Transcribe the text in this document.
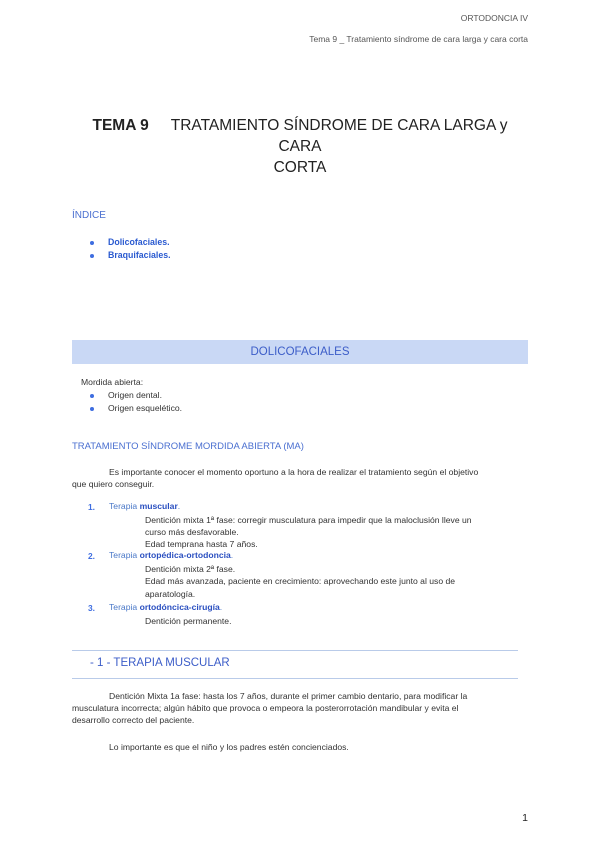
ORTODONCIA IV
Tema 9 _ Tratamiento síndrome de cara larga y cara corta
TEMA 9 TRATAMIENTO SÍNDROME DE CARA LARGA y CARA
CORTA
ÍNDICE
Dolicofaciales.
Braquifaciales.
DOLICOFACIALES
Mordida abierta:
Origen dental.
Origen esquelético.
TRATAMIENTO SÍNDROME MORDIDA ABIERTA (MA)
Es importante conocer el momento oportuno a la hora de realizar el tratamiento según el objetivo
que quiero conseguir.
1. Terapia muscular.
Dentición mixta 1ª fase: corregir musculatura para impedir que la maloclusión lleve un
curso más desfavorable.
Edad temprana hasta 7 años.
2. Terapia ortopédica-ortodoncia.
Dentición mixta 2ª fase.
Edad más avanzada, paciente en crecimiento: aprovechando este junto al uso de
aparatología.
3. Terapia ortodóncica-cirugía.
Dentición permanente.
- 1 - TERAPIA MUSCULAR
Dentición Mixta 1a fase: hasta los 7 años, durante el primer cambio dentario, para modificar la
musculatura incorrecta; algún hábito que provoca o empeora la posterorrotación mandibular y evita el
desarrollo correcto del paciente.
Lo importante es que el niño y los padres estén concienciados.
1
